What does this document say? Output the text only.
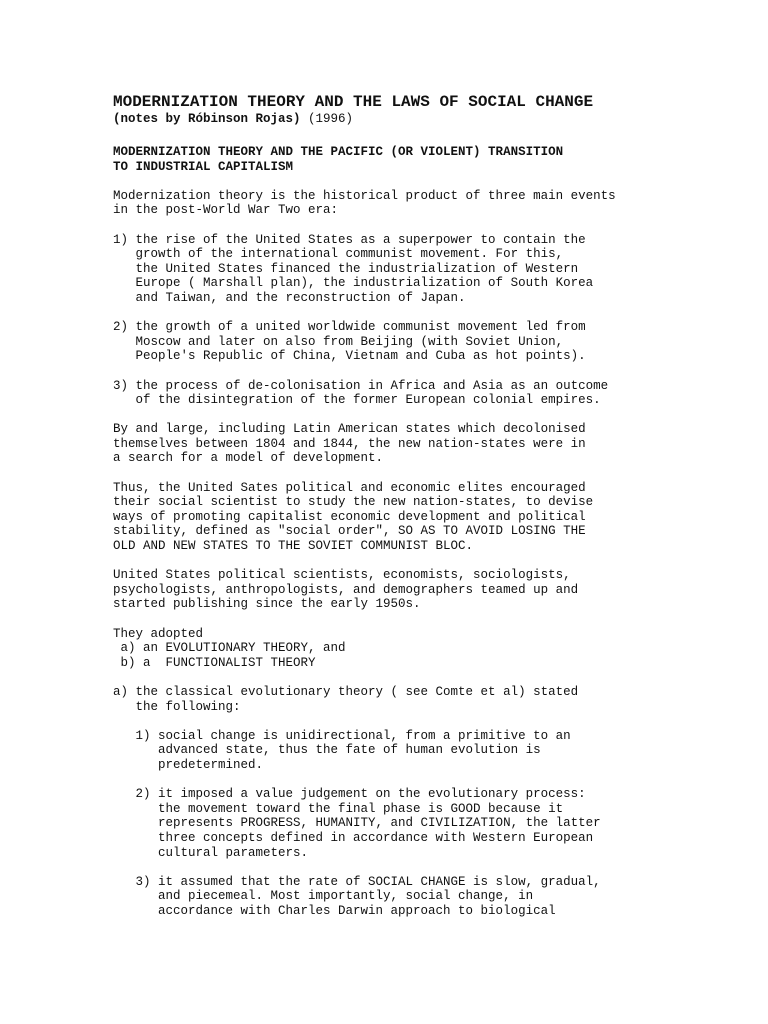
MODERNIZATION THEORY AND THE LAWS OF SOCIAL CHANGE
(notes by Róbinson Rojas) (1996)
MODERNIZATION THEORY AND THE PACIFIC (OR VIOLENT) TRANSITION
TO INDUSTRIAL CAPITALISM

Modernization theory is the historical product of three main events
in the post-World War Two era:

1) the rise of the United States as a superpower to contain the
growth of the international communist movement. For this,
the United States financed the industrialization of Western
Europe ( Marshall plan), the industrialization of South Korea
and Taiwan, and the reconstruction of Japan.

2) the growth of a united worldwide communist movement led from
Moscow and later on also from Beijing (with Soviet Union,
People's Republic of China, Vietnam and Cuba as hot points).

3) the process of de-colonisation in Africa and Asia as an outcome
of the disintegration of the former European colonial empires.

By and large, including Latin American states which decolonised
themselves between 1804 and 1844, the new nation-states were in
a search for a model of development.

Thus, the United Sates political and economic elites encouraged
their social scientist to study the new nation-states, to devise
ways of promoting capitalist economic development and political
stability, defined as "social order", SO AS TO AVOID LOSING THE
OLD AND NEW STATES TO THE SOVIET COMMUNIST BLOC.

United States political scientists, economists, sociologists,
psychologists, anthropologists, and demographers teamed up and
started publishing since the early 1950s.

They adopted
a) an EVOLUTIONARY THEORY, and
b) a  FUNCTIONALIST THEORY

a) the classical evolutionary theory ( see Comte et al) stated
the following:

1) social change is unidirectional, from a primitive to an
advanced state, thus the fate of human evolution is
predetermined.

2) it imposed a value judgement on the evolutionary process:
the movement toward the final phase is GOOD because it
represents PROGRESS, HUMANITY, and CIVILIZATION, the latter
three concepts defined in accordance with Western European
cultural parameters.

3) it assumed that the rate of SOCIAL CHANGE is slow, gradual,
and piecemeal. Most importantly, social change, in
accordance with Charles Darwin approach to biological
